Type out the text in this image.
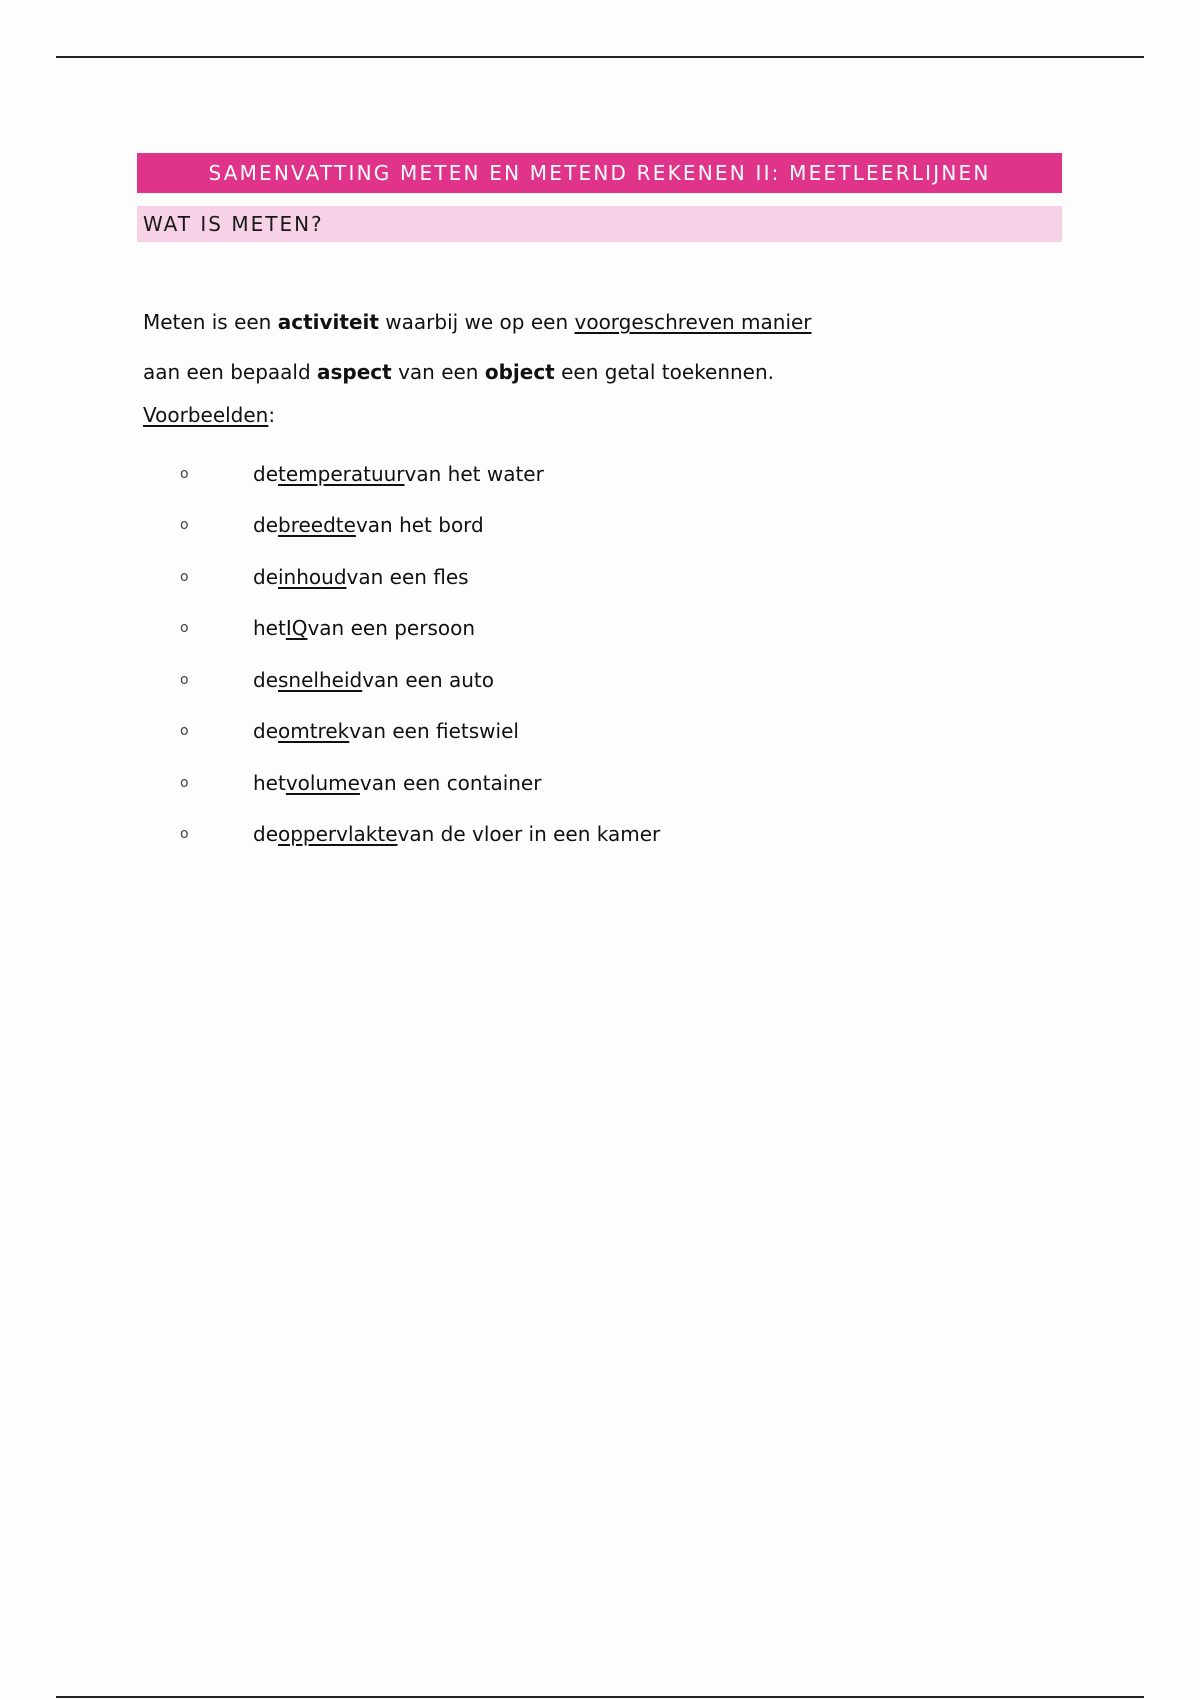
SAMENVATTING METEN EN METEND REKENEN II: MEETLEERLIJNEN
WAT IS METEN?

Meten is een activiteit waarbij we op een voorgeschreven manier aan een bepaald aspect van een object een getal toekennen.

Voorbeelden:
o	de temperatuur van het water
o	de breedte van het bord
o	de inhoud van een fles
o	het IQ van een persoon
o	de snelheid van een auto
o	de omtrek van een fietswiel
o	het volume van een container
o	de oppervlakte van de vloer in een kamer
